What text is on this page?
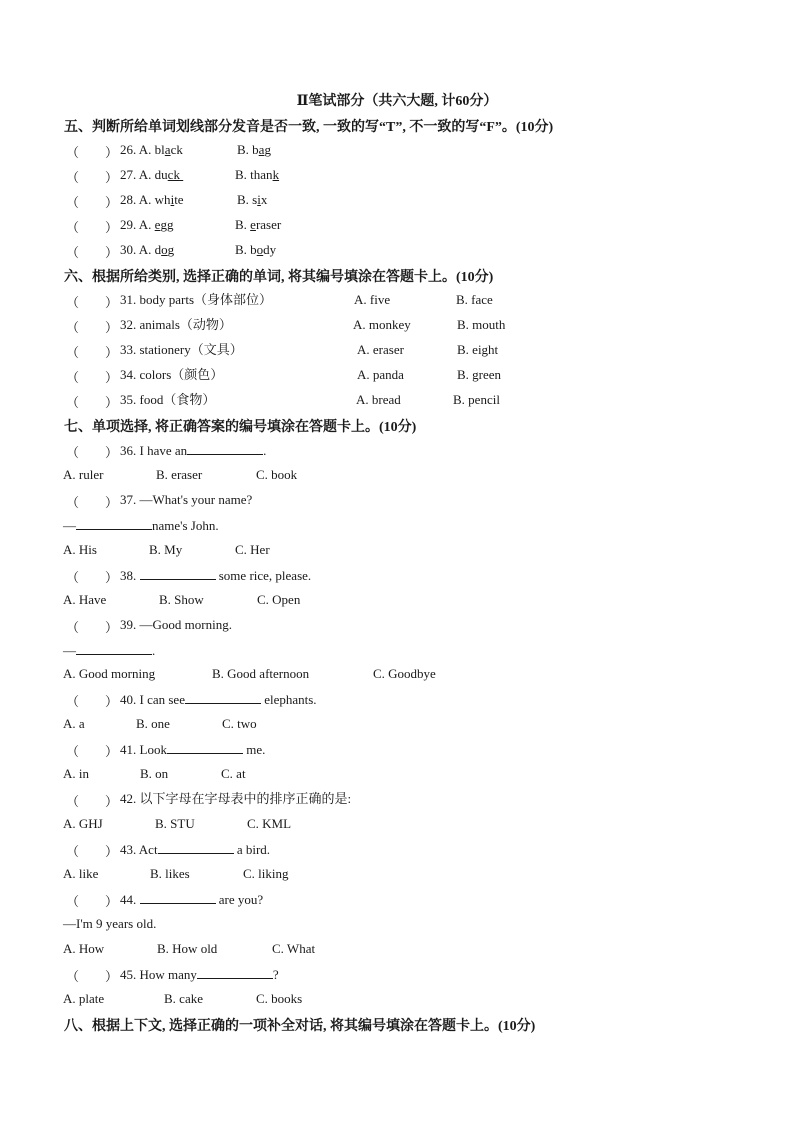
Ⅱ笔试部分（共六大题, 计60分）
五、判断所给单词划线部分发音是否一致, 一致的写“T”, 不一致的写“F”。(10分)
（　　） 26. A. black	B. bag
（　　） 27. A. duck	B. thank
（　　） 28. A. white	B. six
（　　） 29. A. egg	B. eraser
（　　） 30. A. dog	B. body
六、根据所给类别, 选择正确的单词, 将其编号填涂在答题卡上。(10分)
（　　） 31. body parts（身体部位）	A. five	B. face
（　　） 32. animals（动物）	A. monkey	B. mouth
（　　） 33. stationery（文具）	A. eraser	B. eight
（　　） 34. colors（颜色）	A. panda	B. green
（　　） 35. food（食物）	A. bread	B. pencil
七、单项选择, 将正确答案的编号填涂在答题卡上。(10分)
（　　） 36. I have an	.
A. ruler	B. eraser	C. book
（　　） 37. —What's your name?
—	name's John.
A. His	B. My	C. Her
（　　） 38.	some rice, please.
A. Have	B. Show	C. Open
（　　） 39. —Good morning.
—	.
A. Good morning	B. Good afternoon	C. Goodbye
（　　） 40. I can see	elephants.
A. a	B. one	C. two
（　　） 41. Look	me.
A. in	B. on	C. at
（　　） 42. 以下字母在字母表中的排序正确的是:
A. GHJ	B. STU	C. KML
（　　） 43. Act	a bird.
A. like	B. likes	C. liking
（　　） 44.	are you?
—I'm 9 years old.
A. How	B. How old	C. What
（　　） 45. How many	?
A. plate	B. cake	C. books
八、根据上下文, 选择正确的一项补全对话, 将其编号填涂在答题卡上。(10分)
